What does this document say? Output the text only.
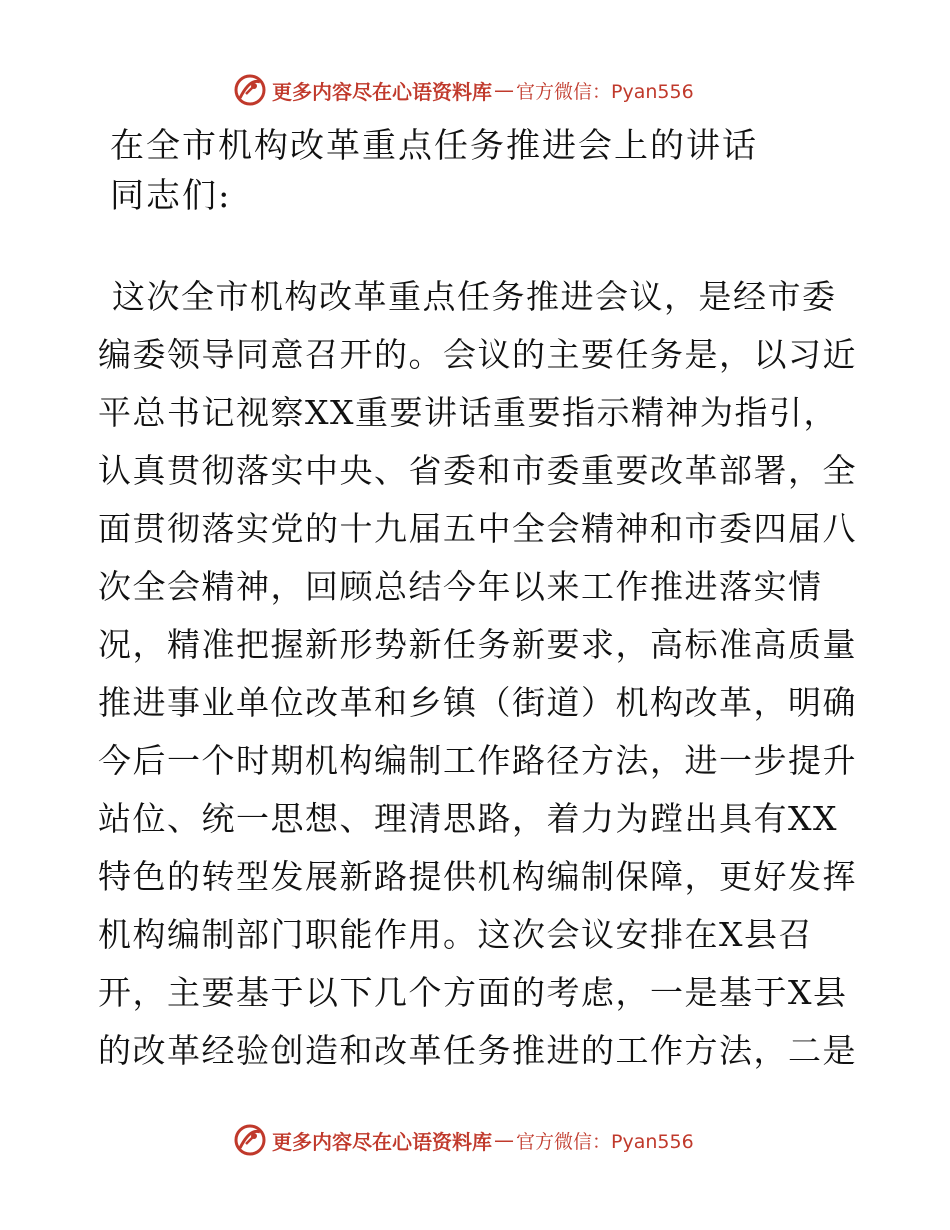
更多内容尽在心语资料库 — 官方微信：Pyan556
在全市机构改革重点任务推进会上的讲话
同志们:
这次全市机构改革重点任务推进会议，是经市委
编委领导同意召开的。会议的主要任务是，以习近
平总书记视察XX重要讲话重要指示精神为指引，
认真贯彻落实中央、省委和市委重要改革部署，全
面贯彻落实党的十九届五中全会精神和市委四届八
次全会精神，回顾总结今年以来工作推进落实情
况，精准把握新形势新任务新要求，高标准高质量
推进事业单位改革和乡镇（街道）机构改革，明确
今后一个时期机构编制工作路径方法，进一步提升
站位、统一思想、理清思路，着力为蹚出具有XX
特色的转型发展新路提供机构编制保障，更好发挥
机构编制部门职能作用。这次会议安排在X县召
开，主要基于以下几个方面的考虑，一是基于X县
的改革经验创造和改革任务推进的工作方法，二是
更多内容尽在心语资料库 — 官方微信：Pyan556
